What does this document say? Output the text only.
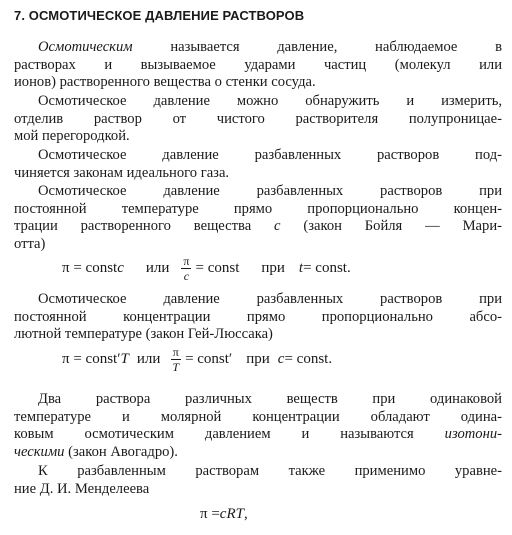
7. ОСМОТИЧЕСКОЕ ДАВЛЕНИЕ РАСТВОРОВ
Осмотическим называется давление, наблюдаемое в
растворах и вызываемое ударами частиц (молекул или
ионов) растворенного вещества о стенки сосуда.
Осмотическое давление можно обнаружить и измерить,
отделив раствор от чистого растворителя полупроницае-
мой перегородкой.
Осмотическое давление разбавленных растворов под-
чиняется законам идеального газа.
Осмотическое давление разбавленных растворов при
постоянной температуре прямо пропорционально концен-
трации растворенного вещества c (закон Бойля — Мари-
отта)
π = const c или $\frac{\pi}{c}$ = const при t = const.
Осмотическое давление разбавленных растворов при
постоянной концентрации прямо пропорционально абсо-
лютной температуре (закон Гей-Люссака)
π = const′ T или $\frac{\pi}{T}$ = const′ при c = const.
Два раствора различных веществ при одинаковой
температуре и молярной концентрации обладают одина-
ковым осмотическим давлением и называются изотони-
ческими (закон Авогадро).
К разбавленным растворам также применимо уравне-
ние Д. И. Менделеева
π = cRT ,
